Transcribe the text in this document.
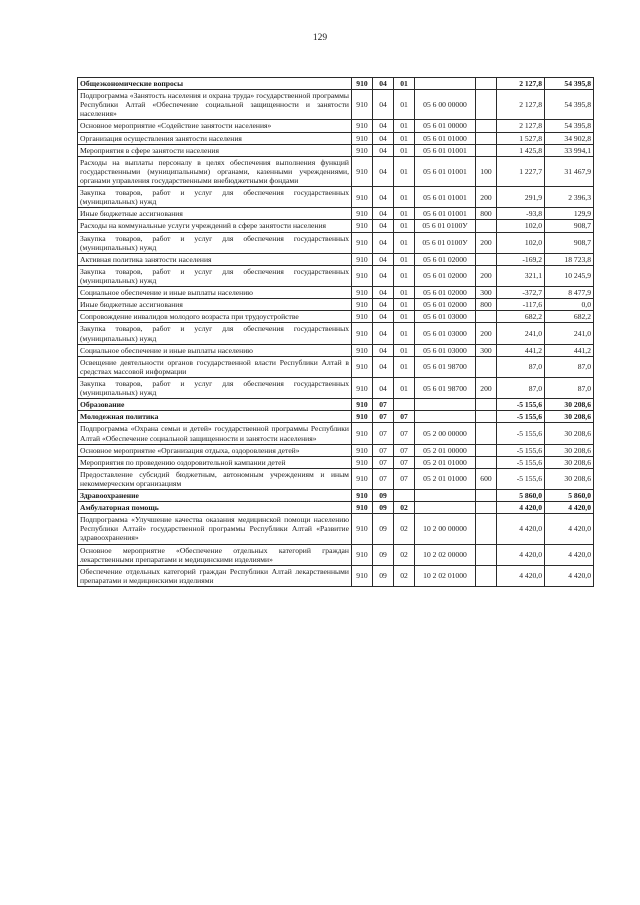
129
Общеэкономические вопросы	910	04	01			2 127,8	54 395,8
Подпрограмма «Занятость населения и охрана труда» государственной программы Республики Алтай «Обеспечение социальной защищенности и занятости населения»	910	04	01	05 6 00 00000		2 127,8	54 395,8
Основное мероприятие «Содействие занятости населения»	910	04	01	05 6 01 00000		2 127,8	54 395,8
Организация осуществления занятости населения	910	04	01	05 6 01 01000		1 527,8	34 902,8
Мероприятия в сфере занятости населения	910	04	01	05 6 01 01001		1 425,8	33 994,1
Расходы на выплаты персоналу в целях обеспечения выполнения функций государственными (муниципальными) органами, казенными учреждениями, органами управления государственными внебюджетными фондами	910	04	01	05 6 01 01001	100	1 227,7	31 467,9
Закупка товаров, работ и услуг для обеспечения государственных (муниципальных) нужд	910	04	01	05 6 01 01001	200	291,9	2 396,3
Иные бюджетные ассигнования	910	04	01	05 6 01 01001	800	-93,8	129,9
Расходы на коммунальные услуги учреждений в сфере занятости населения	910	04	01	05 6 01 0100У		102,0	908,7
Закупка товаров, работ и услуг для обеспечения государственных (муниципальных) нужд	910	04	01	05 6 01 0100У	200	102,0	908,7
Активная политика занятости населения	910	04	01	05 6 01 02000		-169,2	18 723,8
Закупка товаров, работ и услуг для обеспечения государственных (муниципальных) нужд	910	04	01	05 6 01 02000	200	321,1	10 245,9
Социальное обеспечение и иные выплаты населению	910	04	01	05 6 01 02000	300	-372,7	8 477,9
Иные бюджетные ассигнования	910	04	01	05 6 01 02000	800	-117,6	0,0
Сопровождение инвалидов молодого возраста при трудоустройстве	910	04	01	05 6 01 03000		682,2	682,2
Закупка товаров, работ и услуг для обеспечения государственных (муниципальных) нужд	910	04	01	05 6 01 03000	200	241,0	241,0
Социальное обеспечение и иные выплаты населению	910	04	01	05 6 01 03000	300	441,2	441,2
Освещение деятельности органов государственной власти Республики Алтай в средствах массовой информации	910	04	01	05 6 01 98700		87,0	87,0
Закупка товаров, работ и услуг для обеспечения государственных (муниципальных) нужд	910	04	01	05 6 01 98700	200	87,0	87,0
Образование	910	07				-5 155,6	30 208,6
Молодежная политика	910	07	07			-5 155,6	30 208,6
Подпрограмма «Охрана семьи и детей» государственной программы Республики Алтай «Обеспечение социальной защищенности и занятости населения»	910	07	07	05 2 00 00000		-5 155,6	30 208,6
Основное мероприятие «Организация отдыха, оздоровления детей»	910	07	07	05 2 01 00000		-5 155,6	30 208,6
Мероприятия по проведению оздоровительной кампании детей	910	07	07	05 2 01 01000		-5 155,6	30 208,6
Предоставление субсидий бюджетным, автономным учреждениям и иным некоммерческим организациям	910	07	07	05 2 01 01000	600	-5 155,6	30 208,6
Здравоохранение	910	09				5 860,0	5 860,0
Амбулаторная помощь	910	09	02			4 420,0	4 420,0
Подпрограмма «Улучшение качества оказания медицинской помощи населению Республики Алтай» государственной программы Республики Алтай «Развитие здравоохранения»	910	09	02	10 2 00 00000		4 420,0	4 420,0
Основное мероприятие «Обеспечение отдельных категорий граждан лекарственными препаратами и медицинскими изделиями»	910	09	02	10 2 02 00000		4 420,0	4 420,0
Обеспечение отдельных категорий граждан Республики Алтай лекарственными препаратами и медицинскими изделиями	910	09	02	10 2 02 01000		4 420,0	4 420,0
